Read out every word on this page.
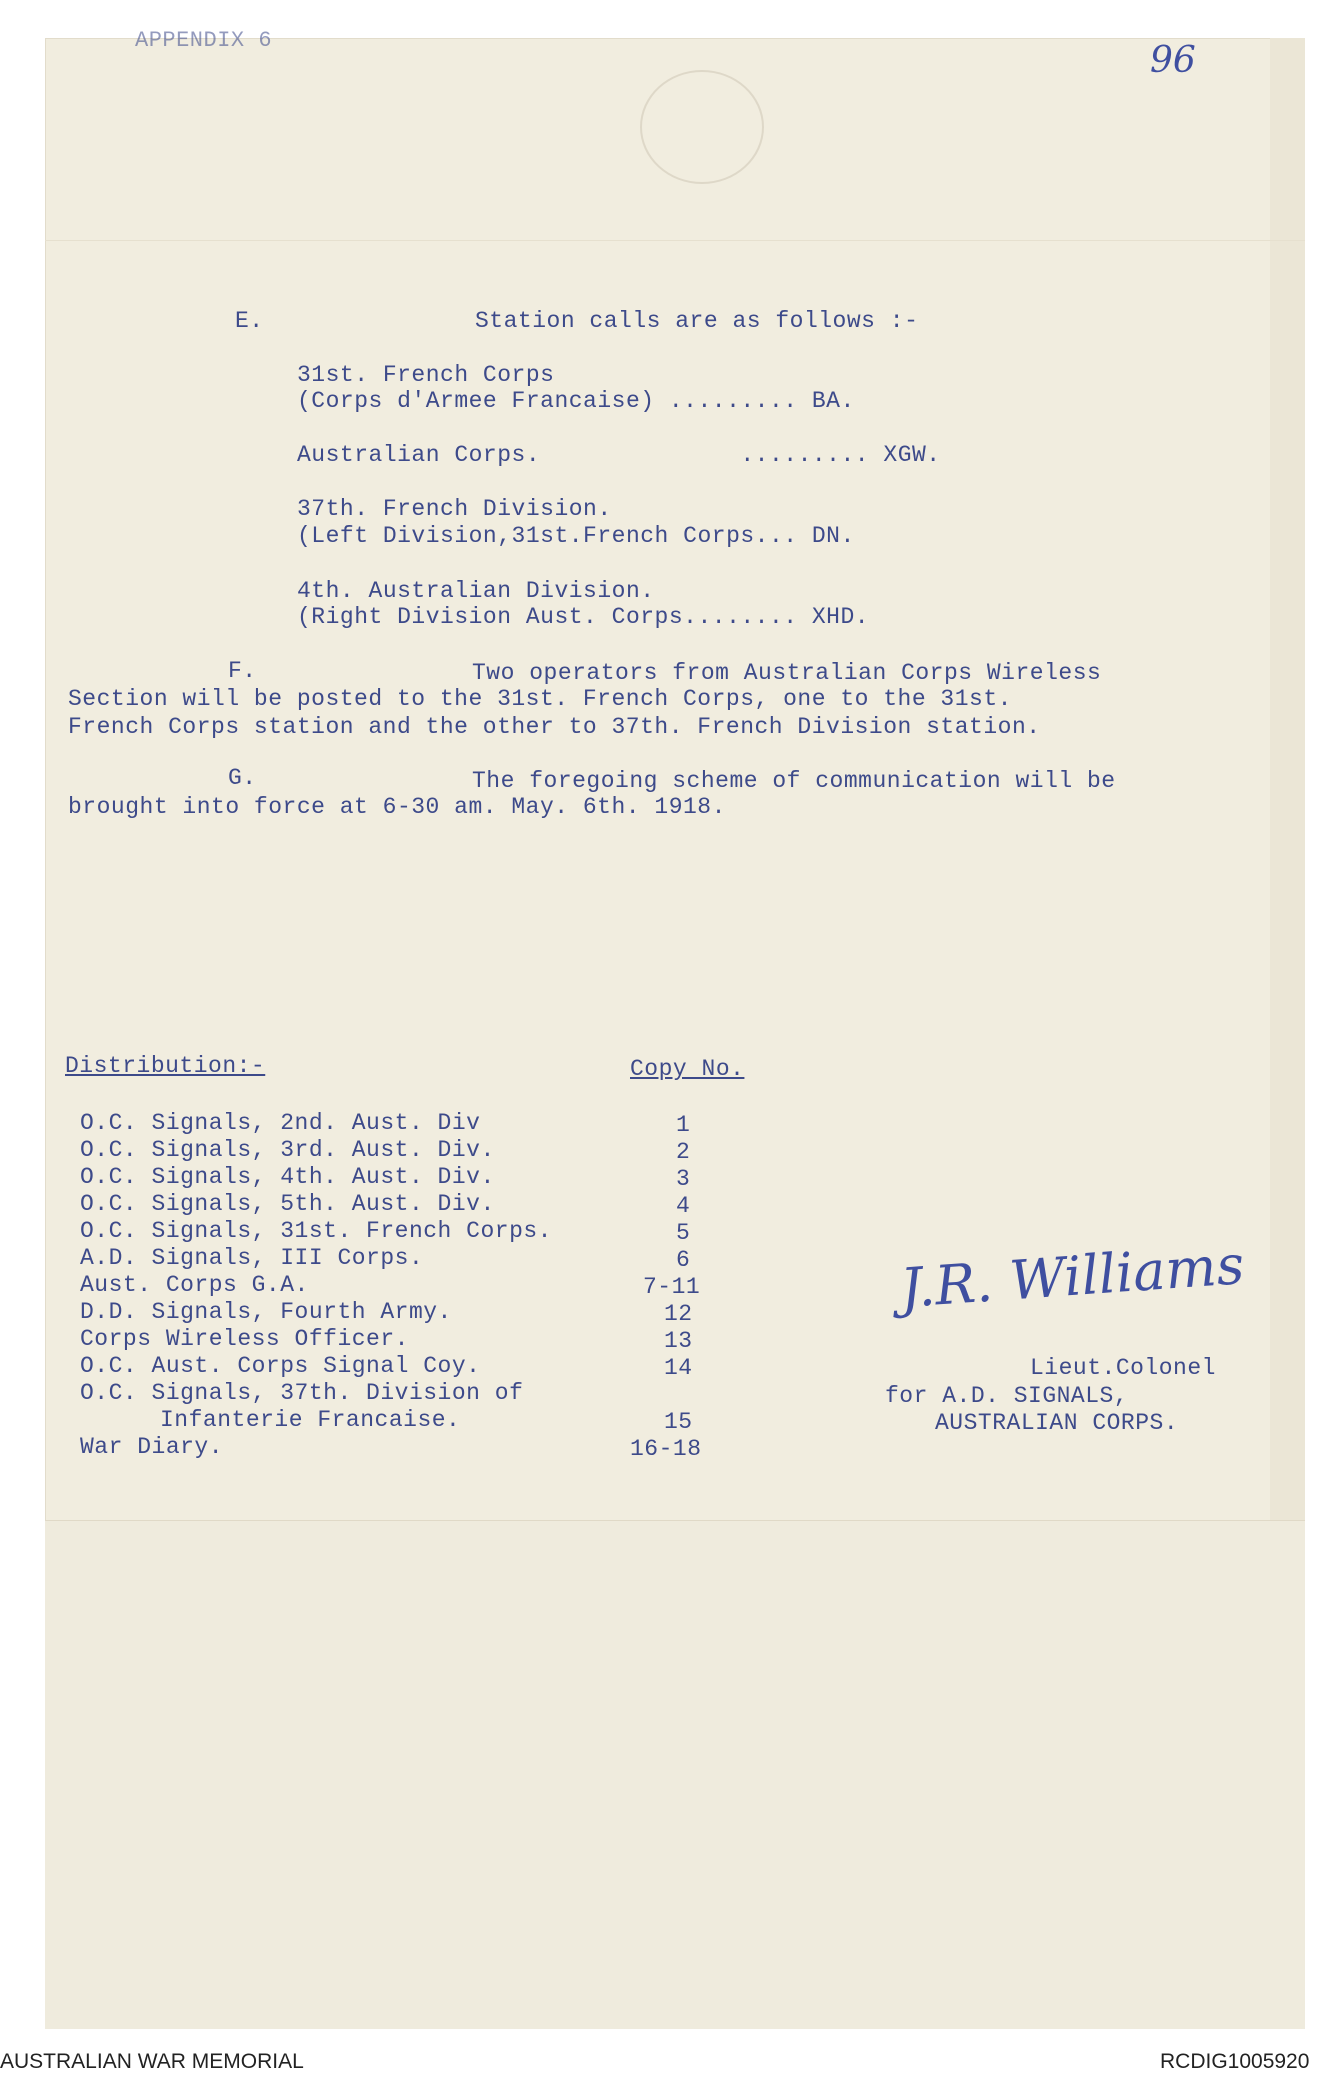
APPENDIX 6	96
E.	Station calls are as follows :-
31st. French Corps
(Corps d'Armee Francaise) ......... BA.
Australian Corps.              ......... XGW.
37th. French Division.
(Left Division,31st.French Corps... DN.
4th. Australian Division.
(Right Division Aust. Corps........ XHD.
F.	Two operators from Australian Corps Wireless
Section will be posted to the 31st. French Corps, one to the 31st.
French Corps station and the other to 37th. French Division station.
G.	The foregoing scheme of communication will be
brought into force at 6-30 am. May. 6th. 1918.
Distribution:-	Copy No.
O.C. Signals, 2nd. Aust. Div	1
O.C. Signals, 3rd. Aust. Div.	2
O.C. Signals, 4th. Aust. Div.	3
O.C. Signals, 5th. Aust. Div.	4
O.C. Signals, 31st. French Corps.	5
A.D. Signals, III Corps.	6
Aust. Corps G.A.	7-11
D.D. Signals, Fourth Army.	12
Corps Wireless Officer.	13
O.C. Aust. Corps Signal Coy.	14
O.C. Signals, 37th. Division of
Infanterie Francaise.	15
War Diary.	16-18
J.R. Williams
Lieut.Colonel
for A.D. SIGNALS,
AUSTRALIAN CORPS.
AUSTRALIAN WAR MEMORIAL	RCDIG1005920
